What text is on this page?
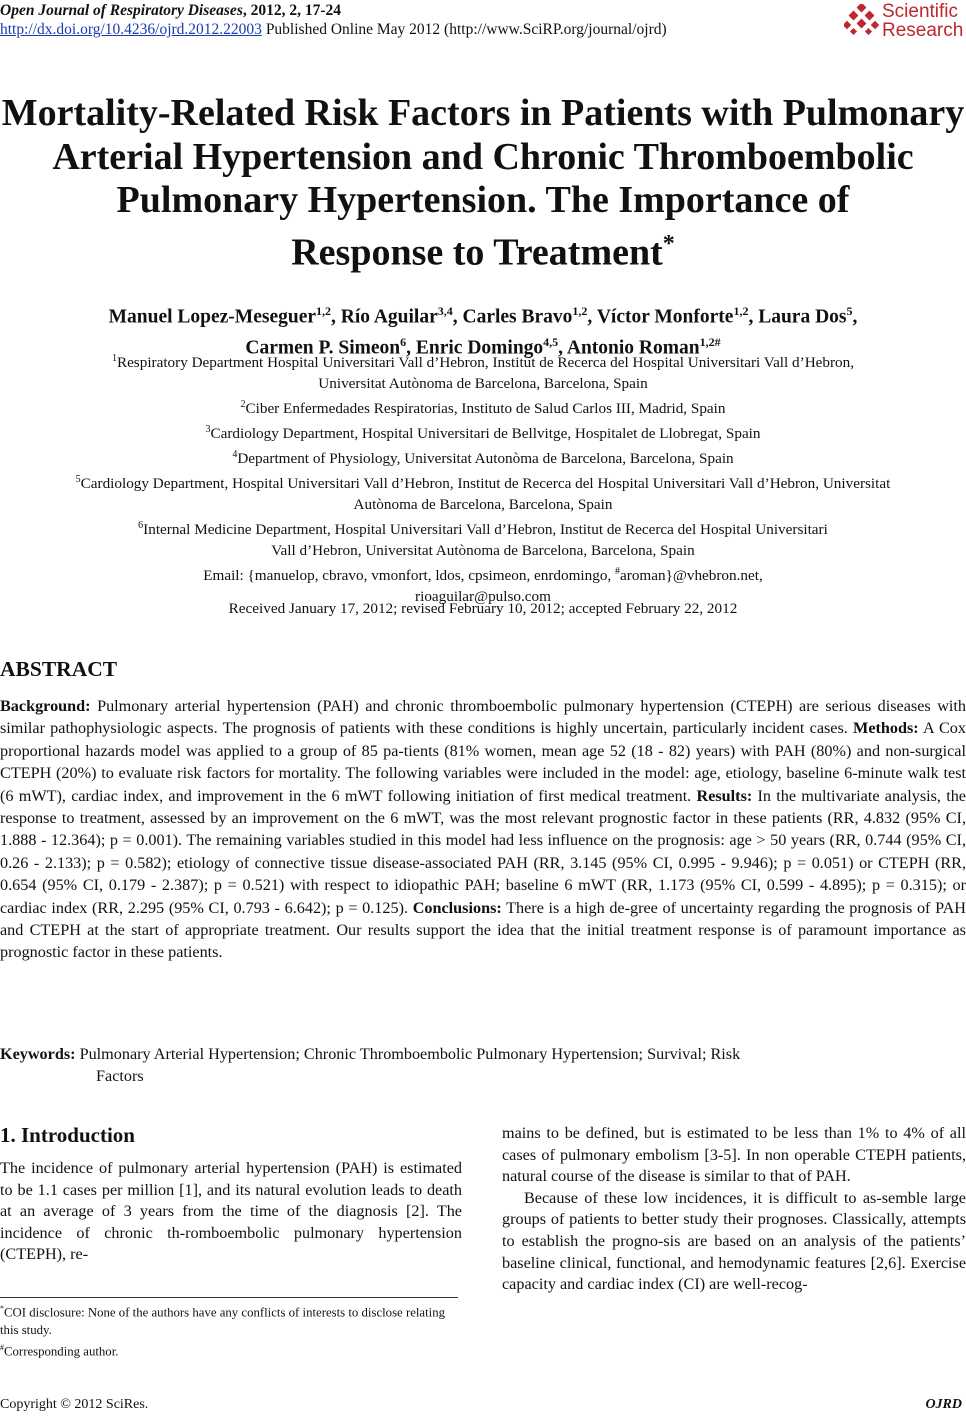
Open Journal of Respiratory Diseases, 2012, 2, 17-24
http://dx.doi.org/10.4236/ojrd.2012.22003 Published Online May 2012 (http://www.SciRP.org/journal/ojrd)
Scientific
Research
Mortality-Related Risk Factors in Patients with Pulmonary
Arterial Hypertension and Chronic Thromboembolic
Pulmonary Hypertension. The Importance of
Response to Treatment*
Manuel Lopez-Meseguer$^{1,2}$, Río Aguilar$^{3,4}$, Carles Bravo$^{1,2}$, Víctor Monforte$^{1,2}$, Laura Dos$^5$,
Carmen P. Simeon$^6$, Enric Domingo$^{4,5}$, Antonio Roman$^{1,2\#}$
$^1$Respiratory Department Hospital Universitari Vall d’Hebron, Institut de Recerca del Hospital Universitari Vall d’Hebron,
Universitat Autònoma de Barcelona, Barcelona, Spain
$^2$Ciber Enfermedades Respiratorias, Instituto de Salud Carlos III, Madrid, Spain
$^3$Cardiology Department, Hospital Universitari de Bellvitge, Hospitalet de Llobregat, Spain
$^4$Department of Physiology, Universitat Autonòma de Barcelona, Barcelona, Spain
$^5$Cardiology Department, Hospital Universitari Vall d’Hebron, Institut de Recerca del Hospital Universitari Vall d’Hebron, Universitat
Autònoma de Barcelona, Barcelona, Spain
$^6$Internal Medicine Department, Hospital Universitari Vall d’Hebron, Institut de Recerca del Hospital Universitari
Vall d’Hebron, Universitat Autònoma de Barcelona, Barcelona, Spain
Email: {manuelop, cbravo, vmonfort, ldos, cpsimeon, enrdomingo, #aroman}@vhebron.net,
rioaguilar@pulso.com
Received January 17, 2012; revised February 10, 2012; accepted February 22, 2012
ABSTRACT
Background: Pulmonary arterial hypertension (PAH) and chronic thromboembolic pulmonary hypertension (CTEPH) are serious diseases with similar pathophysiologic aspects. The prognosis of patients with these conditions is highly uncertain, particularly incident cases. Methods: A Cox proportional hazards model was applied to a group of 85 pa-tients (81% women, mean age 52 (18 - 82) years) with PAH (80%) and non-surgical CTEPH (20%) to evaluate risk factors for mortality. The following variables were included in the model: age, etiology, baseline 6-minute walk test (6 mWT), cardiac index, and improvement in the 6 mWT following initiation of first medical treatment. Results: In the multivariate analysis, the response to treatment, assessed by an improvement on the 6 mWT, was the most relevant prognostic factor in these patients (RR, 4.832 (95% CI, 1.888 - 12.364); p = 0.001). The remaining variables studied in this model had less influence on the prognosis: age > 50 years (RR, 0.744 (95% CI, 0.26 - 2.133); p = 0.582); etiology of connective tissue disease-associated PAH (RR, 3.145 (95% CI, 0.995 - 9.946); p = 0.051) or CTEPH (RR, 0.654 (95% CI, 0.179 - 2.387); p = 0.521) with respect to idiopathic PAH; baseline 6 mWT (RR, 1.173 (95% CI, 0.599 - 4.895); p = 0.315); or cardiac index (RR, 2.295 (95% CI, 0.793 - 6.642); p = 0.125). Conclusions: There is a high de-gree of uncertainty regarding the prognosis of PAH and CTEPH at the start of appropriate treatment. Our results support the idea that the initial treatment response is of paramount importance as prognostic factor in these patients.
Keywords: Pulmonary Arterial Hypertension; Chronic Thromboembolic Pulmonary Hypertension; Survival; Risk
Factors
1. Introduction
The incidence of pulmonary arterial hypertension (PAH) is estimated to be 1.1 cases per million [1], and its natural evolution leads to death at an average of 3 years from the time of the diagnosis [2]. The incidence of chronic th-romboembolic pulmonary hypertension (CTEPH), re-

mains to be defined, but is estimated to be less than 1% to 4% of all cases of pulmonary embolism [3-5]. In non operable CTEPH patients, natural course of the disease is similar to that of PAH.

Because of these low incidences, it is difficult to as-semble large groups of patients to better study their prognoses. Classically, attempts to establish the progno-sis are based on an analysis of the patients’ baseline clinical, functional, and hemodynamic features [2,6]. Exercise capacity and cardiac index (CI) are well-recog-

*COI disclosure: None of the authors have any conflicts of interests to disclose relating this study.
#Corresponding author.
Copyright © 2012 SciRes.	OJRD
